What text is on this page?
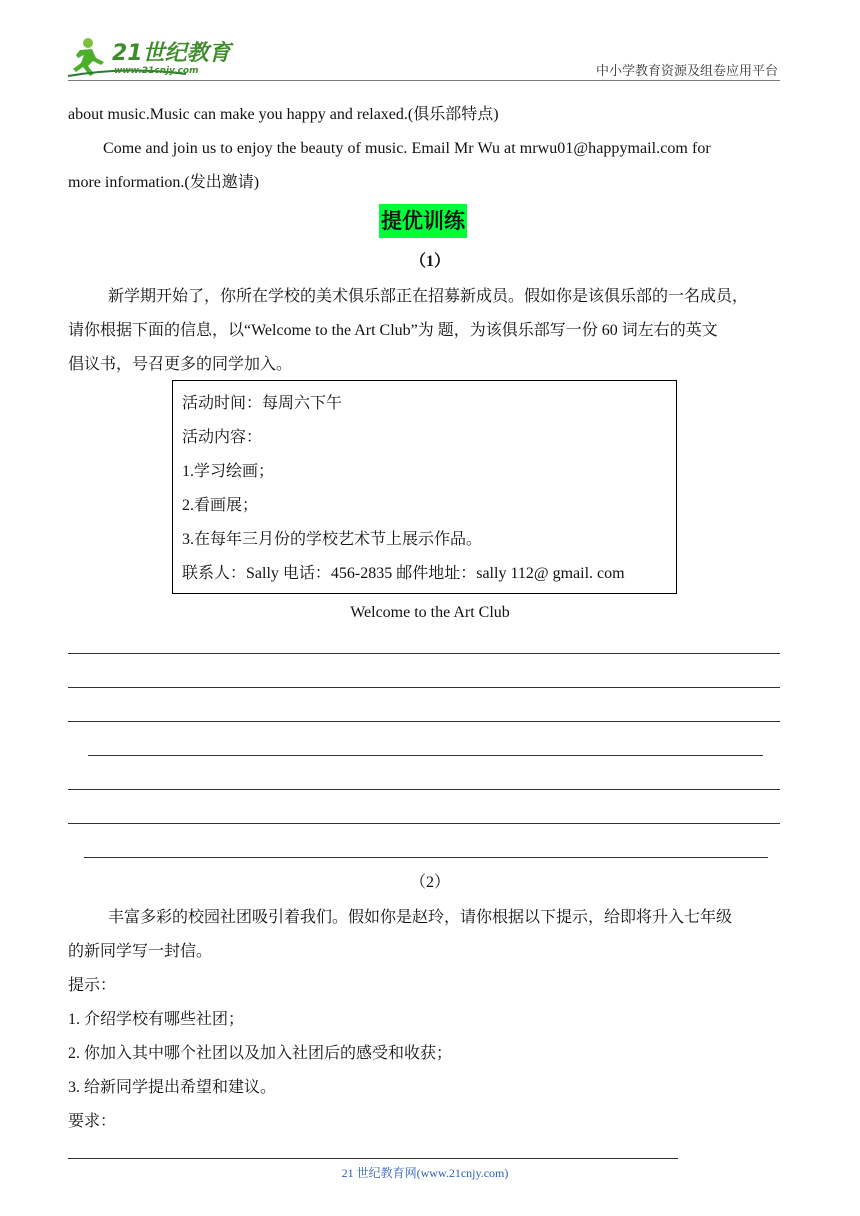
21世纪教育
www.21cnjy.com	中小学教育资源及组卷应用平台
about music.Music can make you happy and relaxed.(俱乐部特点)
Come and join us to enjoy the beauty of music. Email Mr Wu at mrwu01@happymail.com for
more information.(发出邀请)
提优训练
（1）
新学期开始了，你所在学校的美术俱乐部正在招募新成员。假如你是该俱乐部的一名成员，
请你根据下面的信息，以“Welcome to the Art Club”为 题，为该俱乐部写一份 60 词左右的英文
倡议书，号召更多的同学加入。
活动时间：每周六下午
活动内容：
1.学习绘画；
2.看画展；
3.在每年三月份的学校艺术节上展示作品。
联系人：Sally 电话：456-2835 邮件地址：sally 112@ gmail. com
Welcome to the Art Club
（2）
丰富多彩的校园社团吸引着我们。假如你是赵玲，请你根据以下提示，给即将升入七年级
的新同学写一封信。
提示：
1. 介绍学校有哪些社团；
2. 你加入其中哪个社团以及加入社团后的感受和收获；
3. 给新同学提出希望和建议。
要求：
21 世纪教育网(www.21cnjy.com)
